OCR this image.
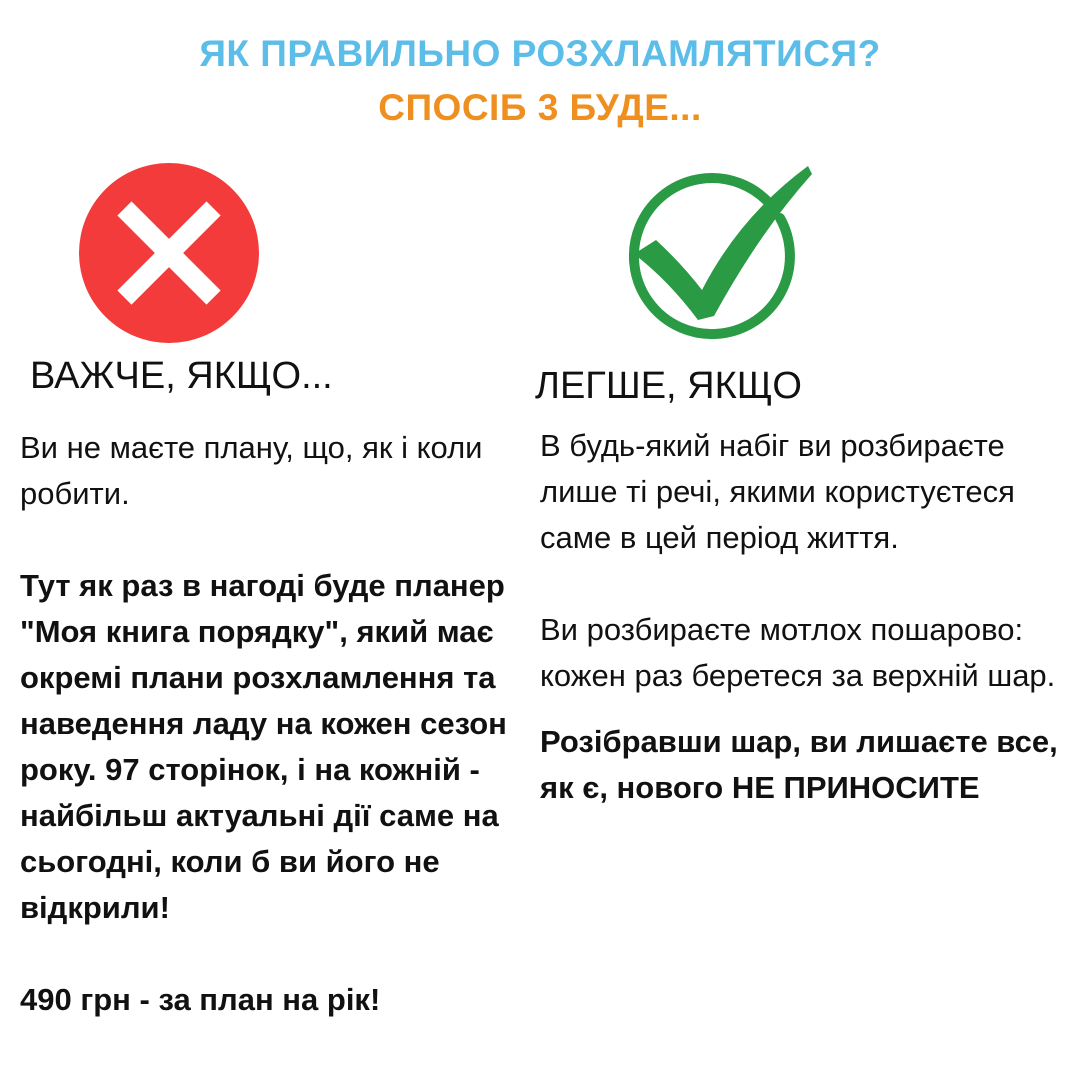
ЯК ПРАВИЛЬНО РОЗХЛАМЛЯТИСЯ?
СПОСІБ 3 БУДЕ...
ВАЖЧЕ, ЯКЩО...	ЛЕГШЕ, ЯКЩО

Ви не маєте плану, що, як і коли робити.

Тут як раз в нагоді буде планер "Моя книга порядку", який має окремі плани розхламлення та наведення ладу на кожен сезон року. 97 сторінок, і на кожній - найбільш актуальні дії саме на сьогодні, коли б ви його не відкрили!

490 грн - за план на рік!

В будь-який набіг ви розбираєте лише ті речі, якими користуєтеся саме в цей період життя.

Ви розбираєте мотлох пошарово: кожен раз беретеся за верхній шар.

Розібравши шар, ви лишаєте все, як є, нового НЕ ПРИНОСИТЕ
